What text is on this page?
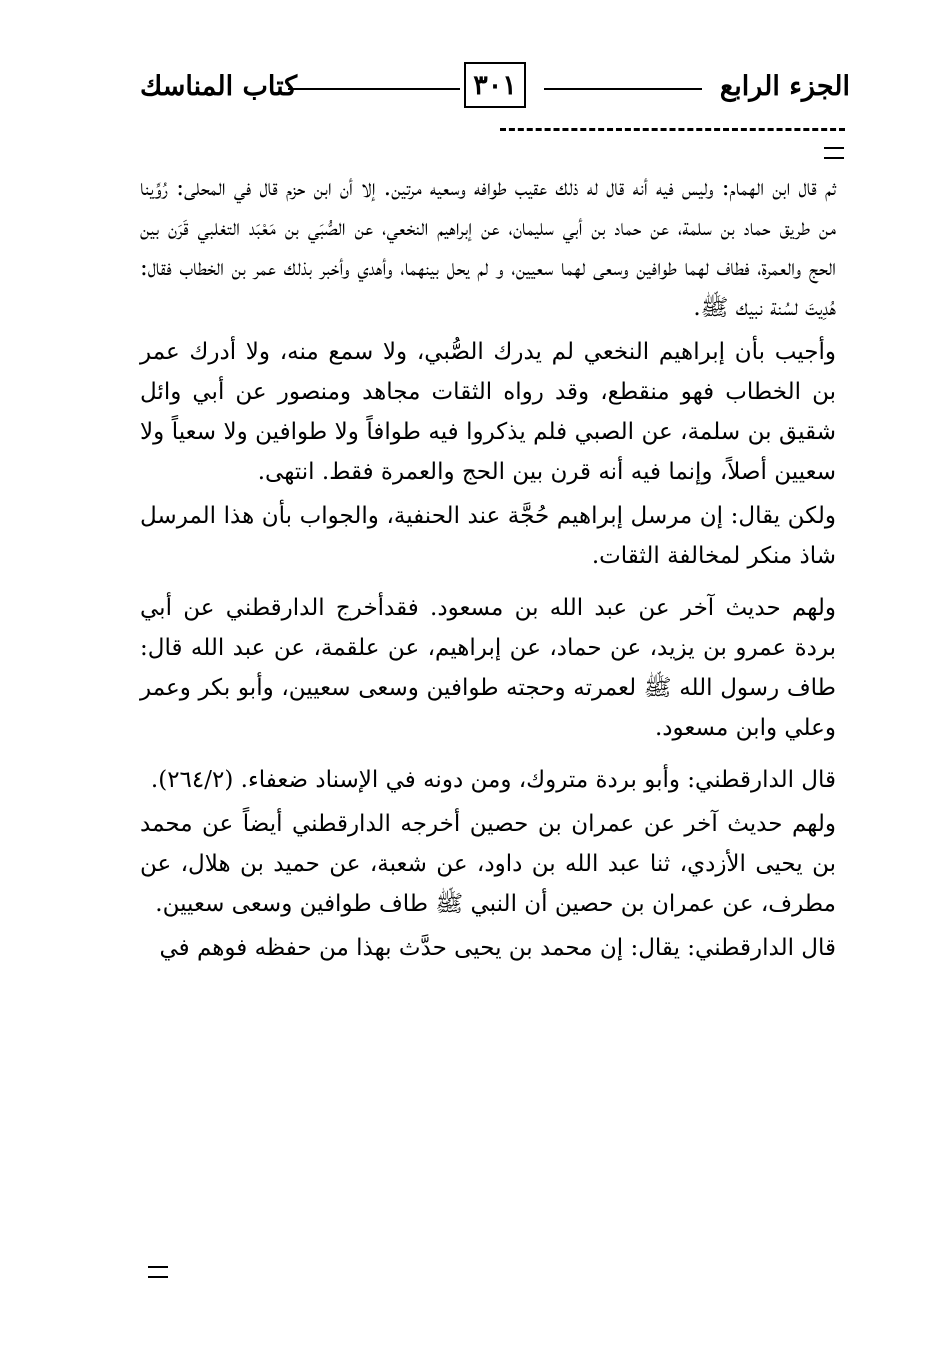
الجزء الرابع
٣٠١
كتاب المناسك

ثم قال ابن الهمام: وليس فيه أنه قال له ذلك عقيب طوافه وسعيه مرتين. إلا أن ابن حزم قال في المحلى: رُوِّينا من طريق حماد بن سلمة، عن حماد بن أبي سليمان، عن إبراهيم النخعي، عن الصُّبَي بن مَعْبَد التغلبي قَرَن بين الحج والعمرة، فطاف لهما طوافين وسعى لهما سعيين، و لم يحل بينهما، وأهدي وأخبر بذلك عمر بن الخطاب فقال: هُدِيتَ لسُنة نبيك ﷺ.

وأجيب بأن إبراهيم النخعي لم يدرك الصُّبي، ولا سمع منه، ولا أدرك عمر بن الخطاب فهو منقطع، وقد رواه الثقات مجاهد ومنصور عن أبي وائل شقيق بن سلمة، عن الصبي فلم يذكروا فيه طوافاً ولا طوافين ولا سعياً ولا سعيين أصلاً، وإنما فيه أنه قرن بين الحج والعمرة فقط. انتهى.

ولكن يقال: إن مرسل إبراهيم حُجَّة عند الحنفية، والجواب بأن هذا المرسل شاذ منكر لمخالفة الثقات.

ولهم حديث آخر عن عبد الله بن مسعود. فقدأخرج الدارقطني عن أبي بردة عمرو بن يزيد، عن حماد، عن إبراهيم، عن علقمة، عن عبد الله قال: طاف رسول الله ﷺ لعمرته وحجته طوافين وسعى سعيين، وأبو بكر وعمر وعلي وابن مسعود.

قال الدارقطني: وأبو بردة متروك، ومن دونه في الإسناد ضعفاء. (٢٦٤/٢).

ولهم حديث آخر عن عمران بن حصين أخرجه الدارقطني أيضاً عن محمد بن يحيى الأزدي، ثنا عبد الله بن داود، عن شعبة، عن حميد بن هلال، عن مطرف، عن عمران بن حصين أن النبي ﷺ طاف طوافين وسعى سعيين.

قال الدارقطني: يقال: إن محمد بن يحيى حدَّث بهذا من حفظه فوهم في
